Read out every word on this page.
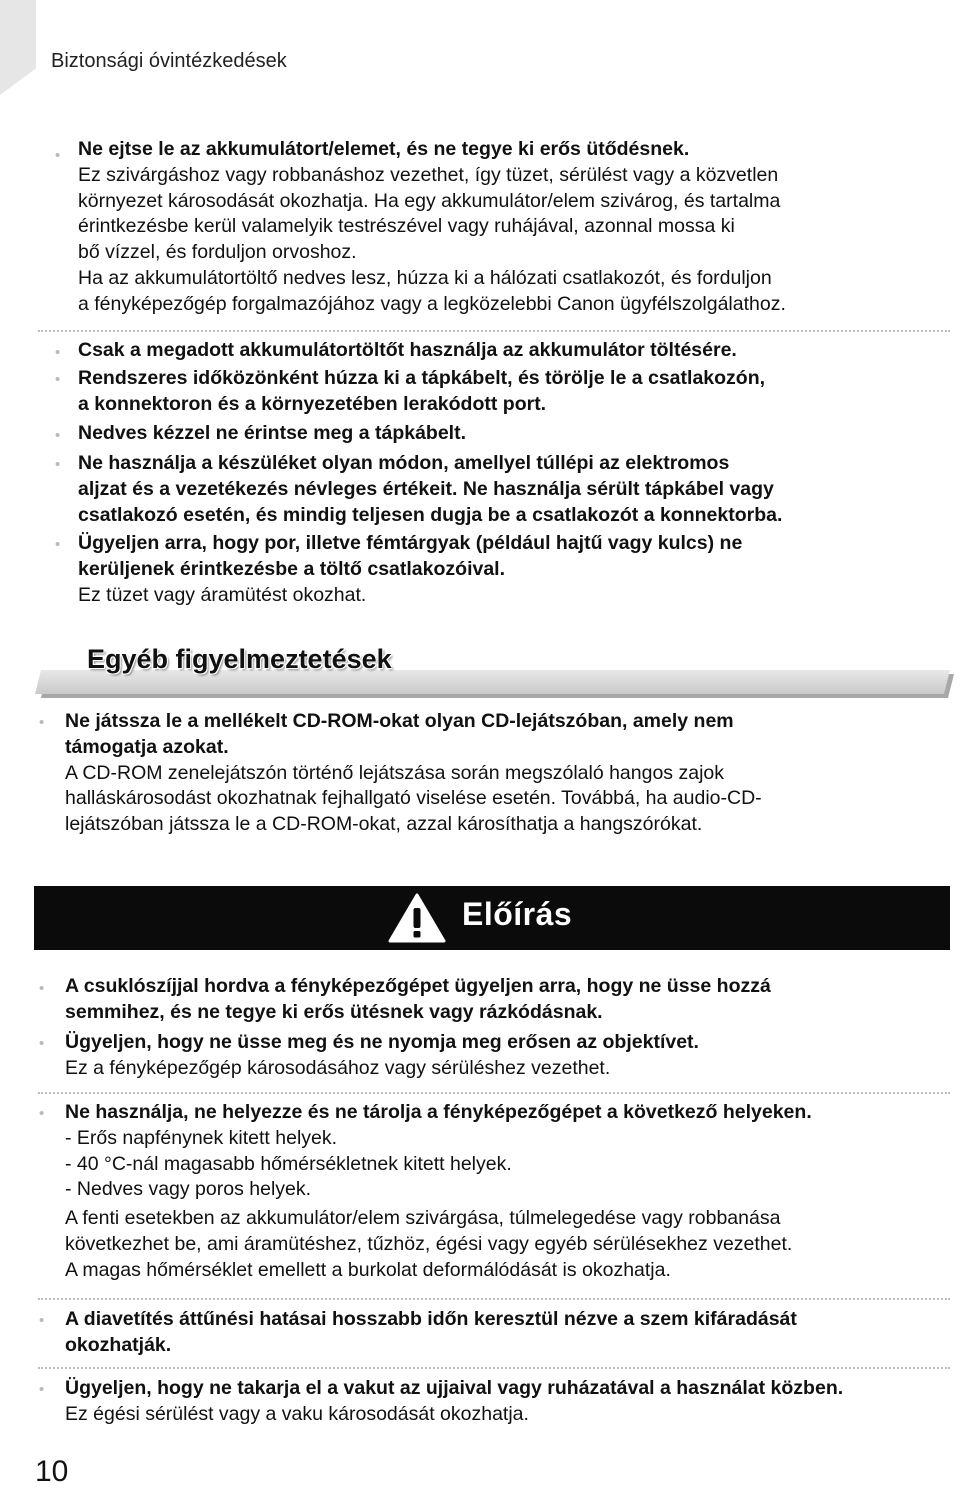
Biztonsági óvintézkedések
• Ne ejtse le az akkumulátort/elemet, és ne tegye ki erős ütődésnek.
Ez szivárgáshoz vagy robbanáshoz vezethet, így tüzet, sérülést vagy a közvetlen
környezet károsodását okozhatja. Ha egy akkumulátor/elem szivárog, és tartalma
érintkezésbe kerül valamelyik testrészével vagy ruhájával, azonnal mossa ki
bő vízzel, és forduljon orvoshoz.
Ha az akkumulátortöltő nedves lesz, húzza ki a hálózati csatlakozót, és forduljon
a fényképezőgép forgalmazójához vagy a legközelebbi Canon ügyfélszolgálathoz.
• Csak a megadott akkumulátortöltőt használja az akkumulátor töltésére.
• Rendszeres időközönként húzza ki a tápkábelt, és törölje le a csatlakozón,
a konnektoron és a környezetében lerakódott port.
• Nedves kézzel ne érintse meg a tápkábelt.
• Ne használja a készüléket olyan módon, amellyel túllépi az elektromos
aljzat és a vezetékezés névleges értékeit. Ne használja sérült tápkábel vagy
csatlakozó esetén, és mindig teljesen dugja be a csatlakozót a konnektorba.
• Ügyeljen arra, hogy por, illetve fémtárgyak (például hajtű vagy kulcs) ne
kerüljenek érintkezésbe a töltő csatlakozóival.
Ez tüzet vagy áramütést okozhat.
Egyéb figyelmeztetések
• Ne játssza le a mellékelt CD-ROM-okat olyan CD-lejátszóban, amely nem
támogatja azokat.
A CD-ROM zenelejátszón történő lejátszása során megszólaló hangos zajok
halláskárosodást okozhatnak fejhallgató viselése esetén. Továbbá, ha audio-CD-
lejátszóban játssza le a CD-ROM-okat, azzal károsíthatja a hangszórókat.
Előírás
• A csuklószíjjal hordva a fényképezőgépet ügyeljen arra, hogy ne üsse hozzá
semmihez, és ne tegye ki erős ütésnek vagy rázkódásnak.
• Ügyeljen, hogy ne üsse meg és ne nyomja meg erősen az objektívet.
Ez a fényképezőgép károsodásához vagy sérüléshez vezethet.
• Ne használja, ne helyezze és ne tárolja a fényképezőgépet a következő helyeken.
- Erős napfénynek kitett helyek.
- 40 °C-nál magasabb hőmérsékletnek kitett helyek.
- Nedves vagy poros helyek.
A fenti esetekben az akkumulátor/elem szivárgása, túlmelegedése vagy robbanása
következhet be, ami áramütéshez, tűzhöz, égési vagy egyéb sérülésekhez vezethet.
A magas hőmérséklet emellett a burkolat deformálódását is okozhatja.
• A diavetítés áttűnési hatásai hosszabb időn keresztül nézve a szem kifáradását
okozhatják.
• Ügyeljen, hogy ne takarja el a vakut az ujjaival vagy ruházatával a használat közben.
Ez égési sérülést vagy a vaku károsodását okozhatja.
10
